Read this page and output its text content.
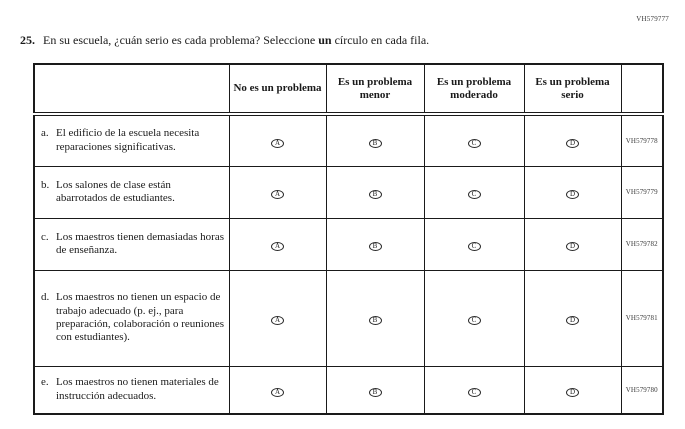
VH579777
25. En su escuela, ¿cuán serio es cada problema? Seleccione un círculo en cada fila.
	No es un problema	Es un problema menor	Es un problema moderado	Es un problema serio	

a. El edificio de la escuela necesita reparaciones significativas.	A	B	C	D	VH579778

b. Los salones de clase están abarrotados de estudiantes.	A	B	C	D	VH579779

c. Los maestros tienen demasiadas horas de enseñanza.	A	B	C	D	VH579782

d. Los maestros no tienen un espacio de trabajo adecuado (p. ej., para preparación, colaboración o reuniones con estudiantes).	A	B	C	D	VH579781

e. Los maestros no tienen materiales de instrucción adecuados.	A	B	C	D	VH579780
